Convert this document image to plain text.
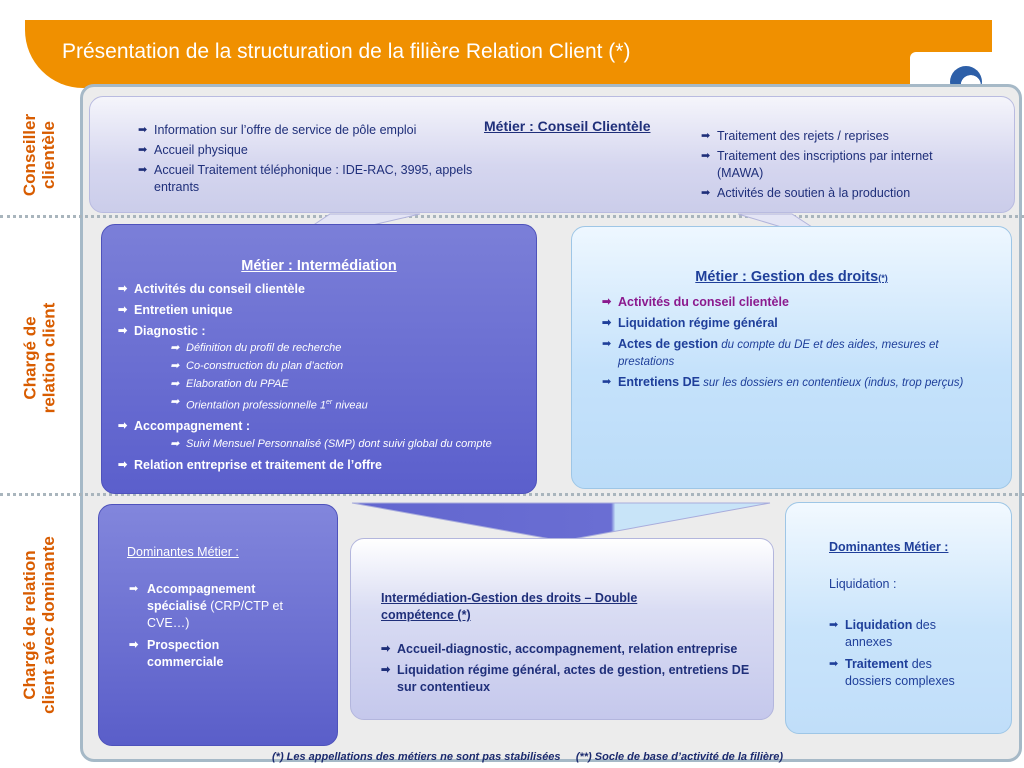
Présentation de la structuration de la filière Relation Client (*)
Conseiller
clientèle
Chargé de
relation client
Chargé de relation
client avec dominante
Métier : Conseil Clientèle
➡ Information sur l’offre de service de pôle emploi
➡ Accueil physique
➡ Accueil Traitement téléphonique : IDE-RAC, 3995, appels entrants
➡ Traitement des rejets / reprises
➡ Traitement des inscriptions par internet (MAWA)
➡ Activités de soutien à la production
Métier : Intermédiation
➡ Activités du conseil clientèle
➡ Entretien unique
➡ Diagnostic :
➡ Définition du profil de recherche
➡ Co-construction du plan d’action
➡ Elaboration du PPAE
➡ Orientation professionnelle 1er niveau
➡ Accompagnement :
➡ Suivi Mensuel Personnalisé (SMP) dont suivi global du compte
➡ Relation entreprise et traitement de l’offre
Métier : Gestion des droits(*)
➡ Activités du conseil clientèle
➡ Liquidation régime général
➡ Actes de gestion du compte du DE et des aides, mesures et prestations
➡ Entretiens DE sur les dossiers en contentieux (indus, trop perçus)
Dominantes Métier :
➡ Accompagnement spécialisé (CRP/CTP et CVE…)
➡ Prospection commerciale
Intermédiation-Gestion des droits – Double compétence (*)
➡ Accueil-diagnostic, accompagnement, relation entreprise
➡ Liquidation régime général, actes de gestion, entretiens DE sur contentieux
Dominantes Métier :
Liquidation :
➡ Liquidation des annexes
➡ Traitement des dossiers complexes
(*) Les appellations des métiers ne sont pas stabilisées (**) Socle de base d’activité de la filière)
